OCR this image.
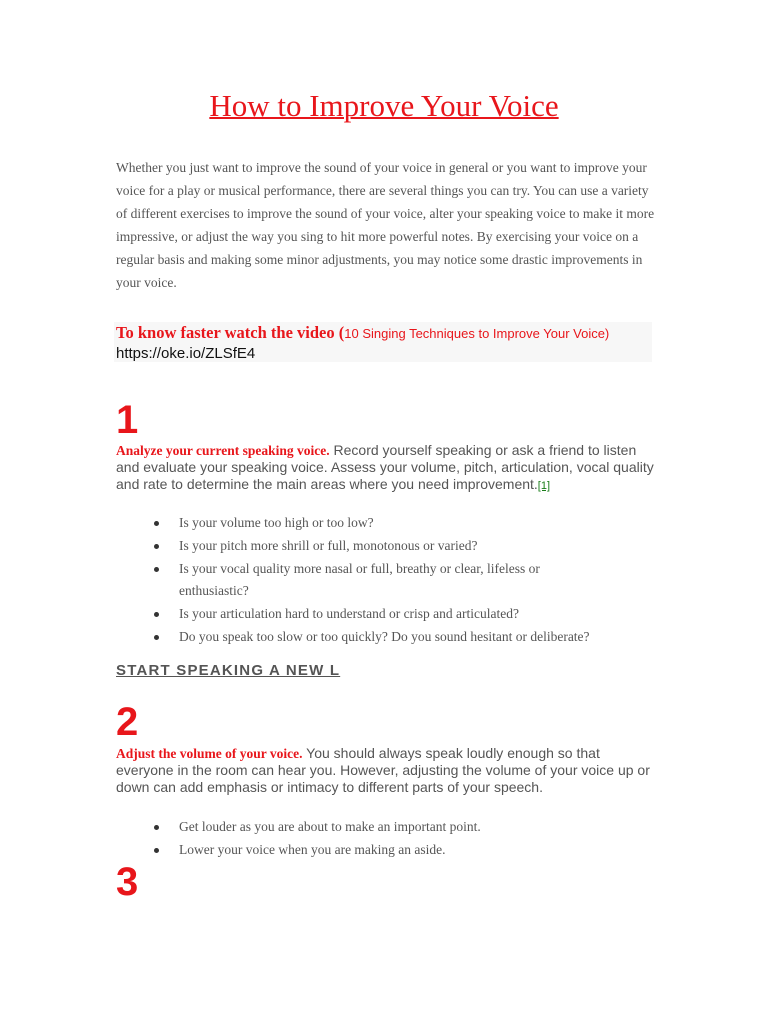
How to Improve Your Voice

Whether you just want to improve the sound of your voice in general or you want to improve your voice for a play or musical performance, there are several things you can try. You can use a variety of different exercises to improve the sound of your voice, alter your speaking voice to make it more impressive, or adjust the way you sing to hit more powerful notes. By exercising your voice on a regular basis and making some minor adjustments, you may notice some drastic improvements in your voice.

To know faster watch the video (10 Singing Techniques to Improve Your Voice) https://oke.io/ZLSfE4
1
Analyze your current speaking voice. Record yourself speaking or ask a friend to listen and evaluate your speaking voice. Assess your volume, pitch, articulation, vocal quality and rate to determine the main areas where you need improvement.[1]
Is your volume too high or too low?
Is your pitch more shrill or full, monotonous or varied?
Is your vocal quality more nasal or full, breathy or clear, lifeless or enthusiastic?
Is your articulation hard to understand or crisp and articulated?
Do you speak too slow or too quickly? Do you sound hesitant or deliberate?
START SPEAKING A NEW L
2
Adjust the volume of your voice. You should always speak loudly enough so that everyone in the room can hear you. However, adjusting the volume of your voice up or down can add emphasis or intimacy to different parts of your speech.
Get louder as you are about to make an important point.
Lower your voice when you are making an aside.
3
